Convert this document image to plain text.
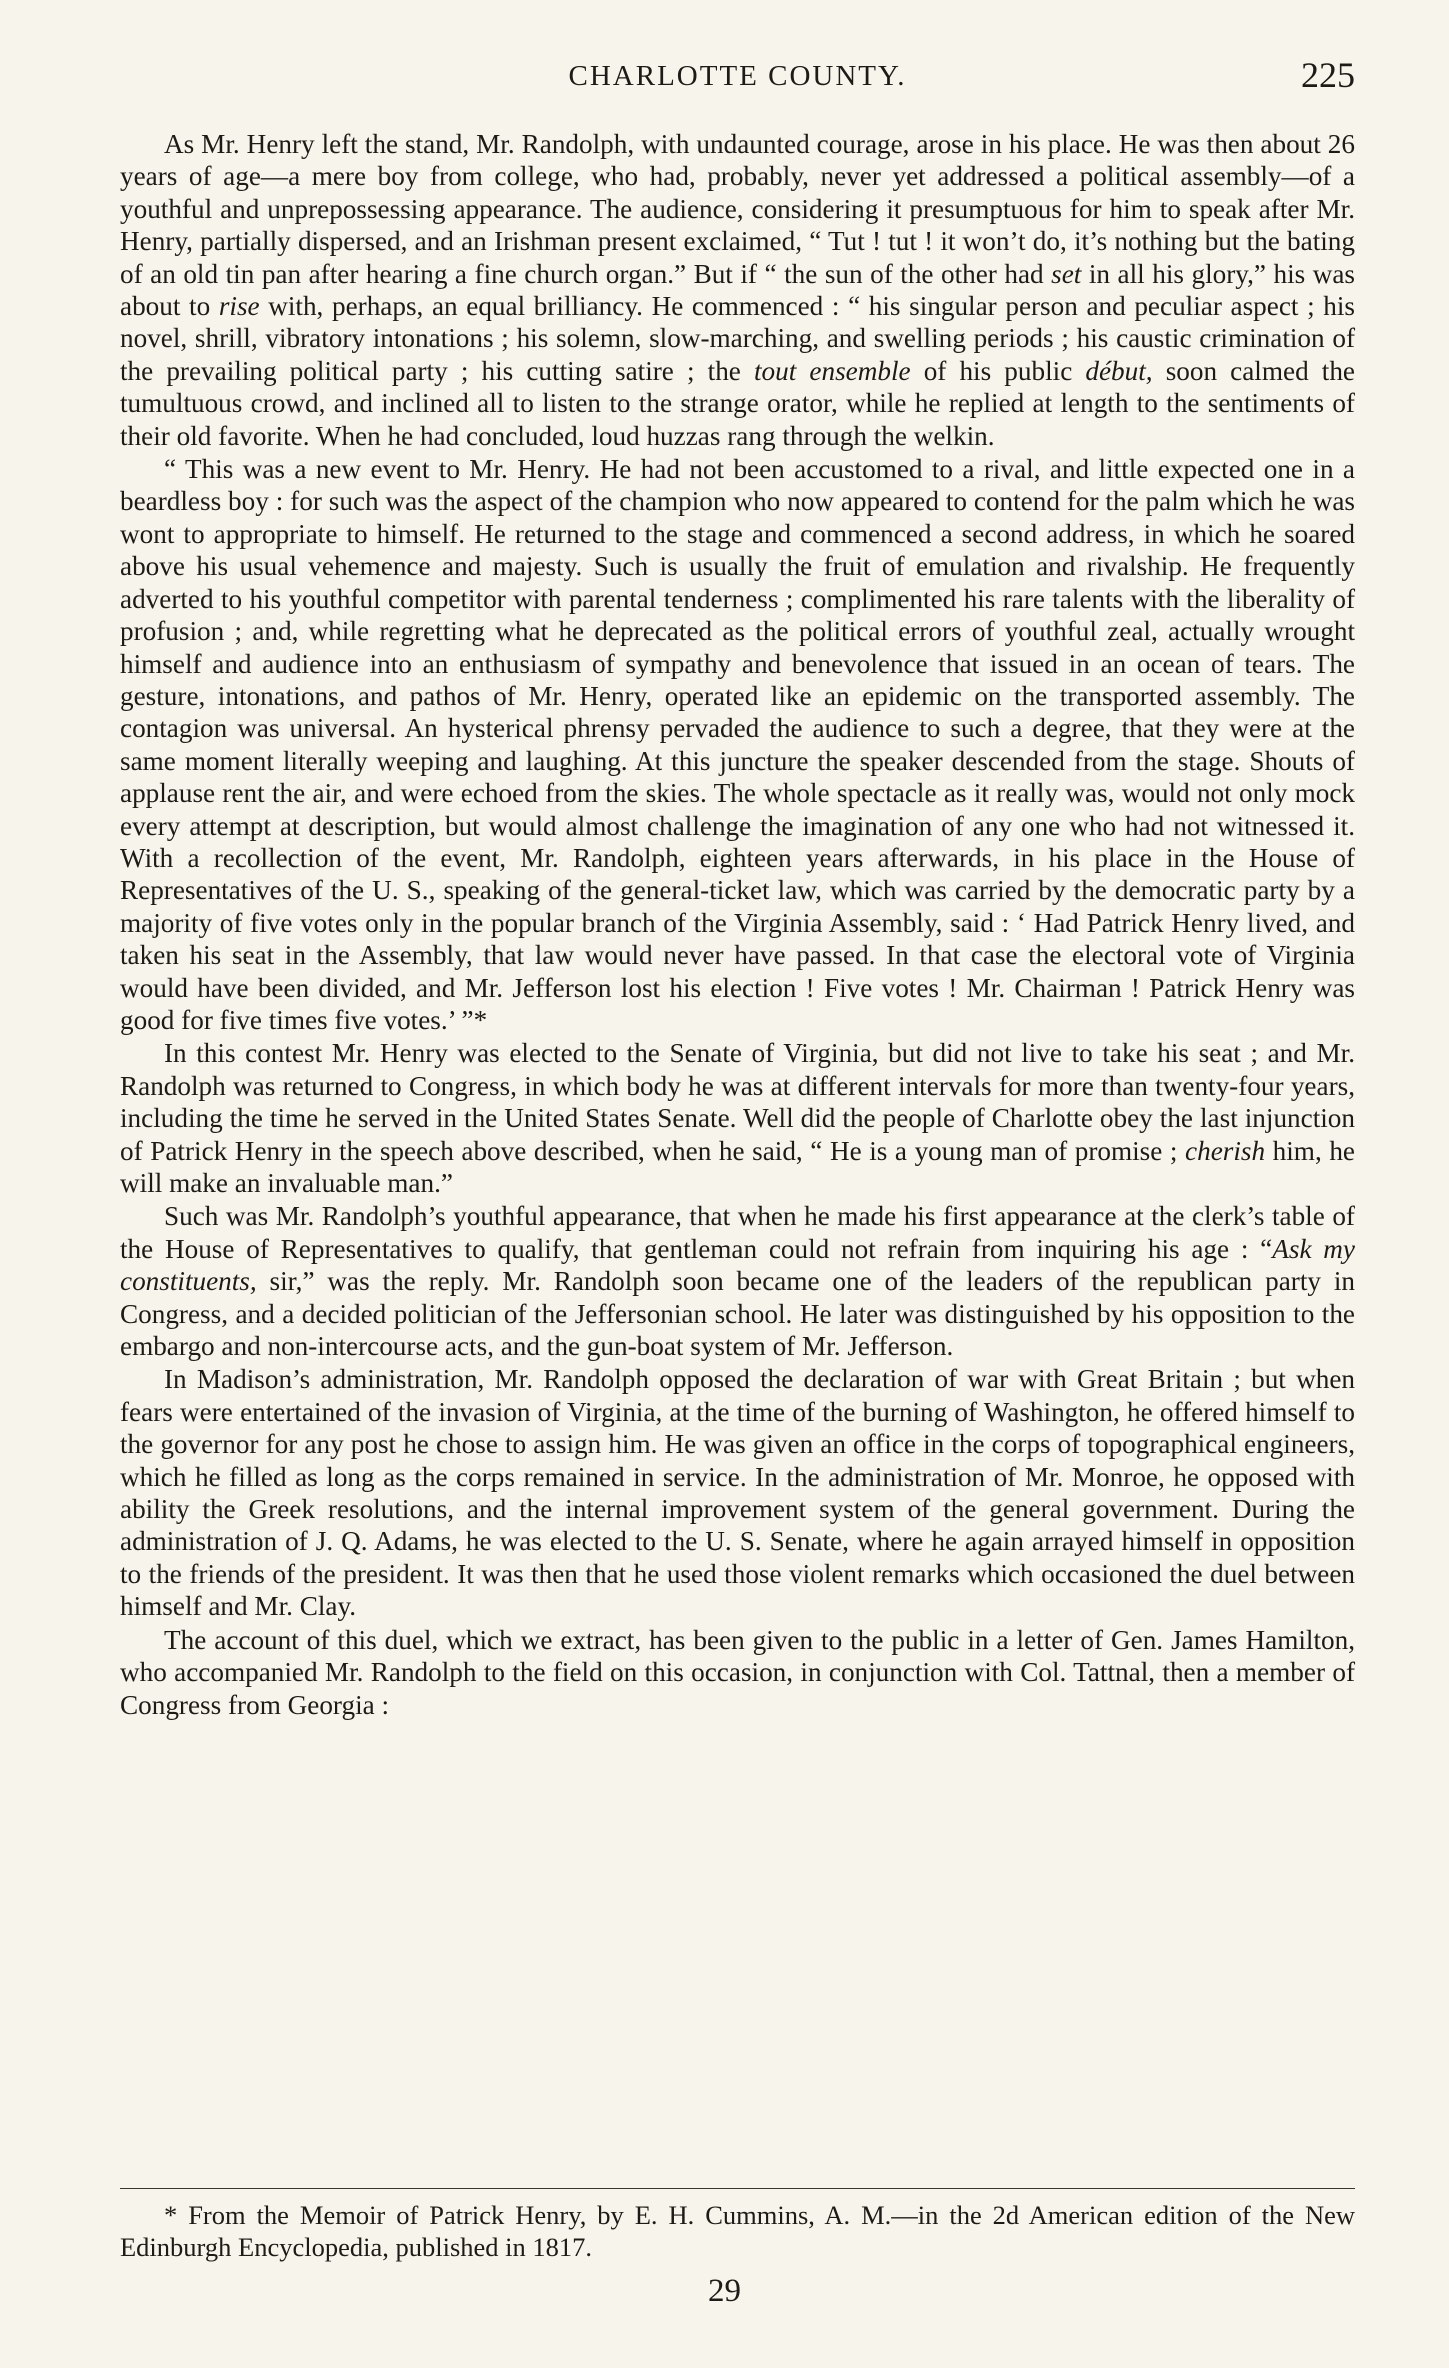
CHARLOTTE COUNTY.	225

As Mr. Henry left the stand, Mr. Randolph, with undaunted courage, arose in his place. He was then about 26 years of age—a mere boy from college, who had, probably, never yet addressed a political assembly—of a youthful and unprepossessing appearance. The audience, considering it presumptuous for him to speak after Mr. Henry, partially dispersed, and an Irishman present exclaimed, “ Tut ! tut ! it won’t do, it’s nothing but the bating of an old tin pan after hearing a fine church organ.” But if “ the sun of the other had set in all his glory,” his was about to rise with, perhaps, an equal brilliancy. He commenced : “ his singular person and peculiar aspect ; his novel, shrill, vibratory intonations ; his solemn, slow-marching, and swelling periods ; his caustic crimination of the prevailing political party ; his cutting satire ; the tout ensemble of his public début, soon calmed the tumultuous crowd, and inclined all to listen to the strange orator, while he replied at length to the sentiments of their old favorite. When he had concluded, loud huzzas rang through the welkin.

“ This was a new event to Mr. Henry. He had not been accustomed to a rival, and little expected one in a beardless boy : for such was the aspect of the champion who now appeared to contend for the palm which he was wont to appropriate to himself. He returned to the stage and commenced a second address, in which he soared above his usual vehemence and majesty. Such is usually the fruit of emulation and rivalship. He frequently adverted to his youthful competitor with parental tenderness ; complimented his rare talents with the liberality of profusion ; and, while regretting what he deprecated as the political errors of youthful zeal, actually wrought himself and audience into an enthusiasm of sympathy and benevolence that issued in an ocean of tears. The gesture, intonations, and pathos of Mr. Henry, operated like an epidemic on the transported assembly. The contagion was universal. An hysterical phrensy pervaded the audience to such a degree, that they were at the same moment literally weeping and laughing. At this juncture the speaker descended from the stage. Shouts of applause rent the air, and were echoed from the skies. The whole spectacle as it really was, would not only mock every attempt at description, but would almost challenge the imagination of any one who had not witnessed it. With a recollection of the event, Mr. Randolph, eighteen years afterwards, in his place in the House of Representatives of the U. S., speaking of the general-ticket law, which was carried by the democratic party by a majority of five votes only in the popular branch of the Virginia Assembly, said : ‘ Had Patrick Henry lived, and taken his seat in the Assembly, that law would never have passed. In that case the electoral vote of Virginia would have been divided, and Mr. Jefferson lost his election ! Five votes ! Mr. Chairman ! Patrick Henry was good for five times five votes.’ ”*

In this contest Mr. Henry was elected to the Senate of Virginia, but did not live to take his seat ; and Mr. Randolph was returned to Congress, in which body he was at different intervals for more than twenty-four years, including the time he served in the United States Senate. Well did the people of Charlotte obey the last injunction of Patrick Henry in the speech above described, when he said, “ He is a young man of promise ; cherish him, he will make an invaluable man.”

Such was Mr. Randolph’s youthful appearance, that when he made his first appearance at the clerk’s table of the House of Representatives to qualify, that gentleman could not refrain from inquiring his age : “Ask my constituents, sir,” was the reply. Mr. Randolph soon became one of the leaders of the republican party in Congress, and a decided politician of the Jeffersonian school. He later was distinguished by his opposition to the embargo and non-intercourse acts, and the gun-boat system of Mr. Jefferson.

In Madison’s administration, Mr. Randolph opposed the declaration of war with Great Britain ; but when fears were entertained of the invasion of Virginia, at the time of the burning of Washington, he offered himself to the governor for any post he chose to assign him. He was given an office in the corps of topographical engineers, which he filled as long as the corps remained in service. In the administration of Mr. Monroe, he opposed with ability the Greek resolutions, and the internal improvement system of the general government. During the administration of J. Q. Adams, he was elected to the U. S. Senate, where he again arrayed himself in opposition to the friends of the president. It was then that he used those violent remarks which occasioned the duel between himself and Mr. Clay.

The account of this duel, which we extract, has been given to the public in a letter of Gen. James Hamilton, who accompanied Mr. Randolph to the field on this occasion, in conjunction with Col. Tattnal, then a member of Congress from Georgia :

* From the Memoir of Patrick Henry, by E. H. Cummins, A. M.—in the 2d American edition of the New Edinburgh Encyclopedia, published in 1817.

29
